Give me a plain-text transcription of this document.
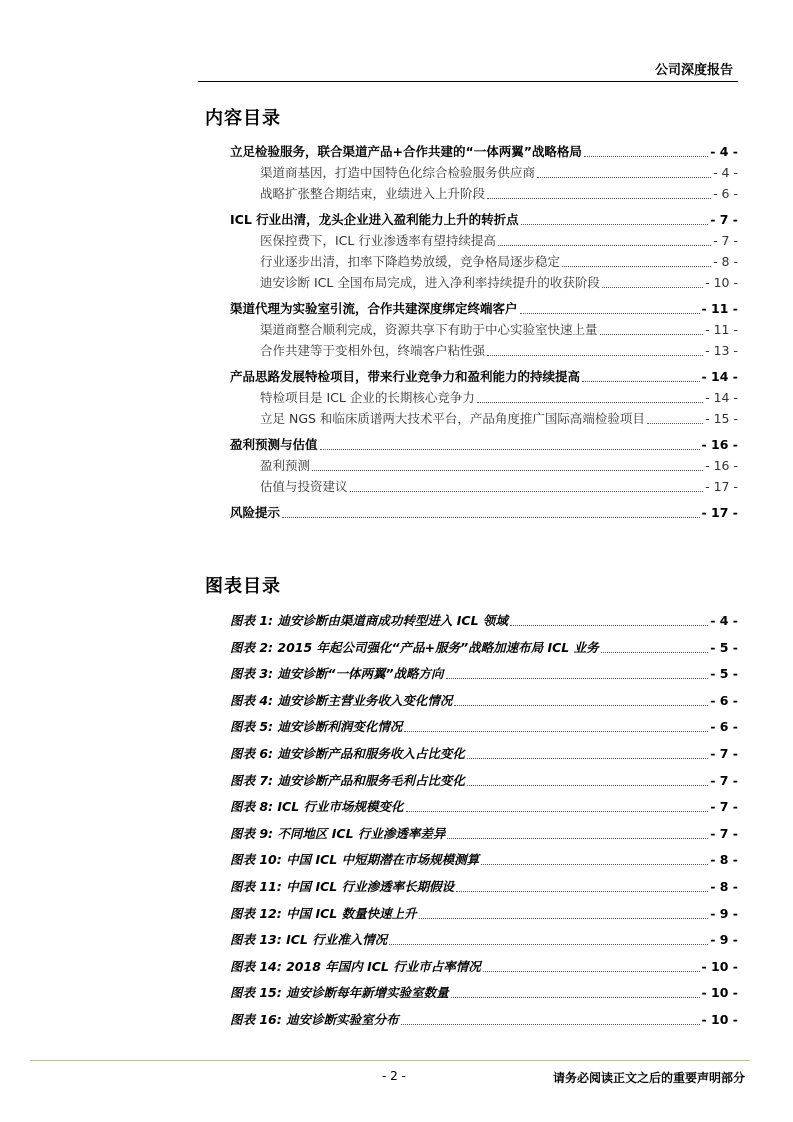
公司深度报告
内容目录
立足检验服务，联合渠道产品+合作共建的“一体两翼”战略格局	- 4 -
渠道商基因，打造中国特色化综合检验服务供应商	- 4 -
战略扩张整合期结束，业绩进入上升阶段	- 6 -
ICL 行业出清，龙头企业进入盈利能力上升的转折点	- 7 -
医保控费下，ICL 行业渗透率有望持续提高	- 7 -
行业逐步出清，扣率下降趋势放缓，竞争格局逐步稳定	- 8 -
迪安诊断 ICL 全国布局完成，进入净利率持续提升的收获阶段	- 10 -
渠道代理为实验室引流，合作共建深度绑定终端客户	- 11 -
渠道商整合顺利完成，资源共享下有助于中心实验室快速上量	- 11 -
合作共建等于变相外包，终端客户粘性强	- 13 -
产品思路发展特检项目，带来行业竞争力和盈利能力的持续提高	- 14 -
特检项目是 ICL 企业的长期核心竞争力	- 14 -
立足 NGS 和临床质谱两大技术平台，产品角度推广国际高端检验项目	- 15 -
盈利预测与估值	- 16 -
盈利预测	- 16 -
估值与投资建议	- 17 -
风险提示	- 17 -
图表目录
图表 1: 迪安诊断由渠道商成功转型进入 ICL 领域	- 4 -
图表 2: 2015 年起公司强化“产品+服务”战略加速布局 ICL 业务	- 5 -
图表 3: 迪安诊断“一体两翼”战略方向	- 5 -
图表 4: 迪安诊断主营业务收入变化情况	- 6 -
图表 5: 迪安诊断利润变化情况	- 6 -
图表 6: 迪安诊断产品和服务收入占比变化	- 7 -
图表 7: 迪安诊断产品和服务毛利占比变化	- 7 -
图表 8: ICL 行业市场规模变化	- 7 -
图表 9: 不同地区 ICL 行业渗透率差异	- 7 -
图表 10: 中国 ICL 中短期潜在市场规模测算	- 8 -
图表 11: 中国 ICL 行业渗透率长期假设	- 8 -
图表 12: 中国 ICL 数量快速上升	- 9 -
图表 13: ICL 行业准入情况	- 9 -
图表 14: 2018 年国内 ICL 行业市占率情况	- 10 -
图表 15: 迪安诊断每年新增实验室数量	- 10 -
图表 16: 迪安诊断实验室分布	- 10 -
- 2 -	请务必阅读正文之后的重要声明部分
